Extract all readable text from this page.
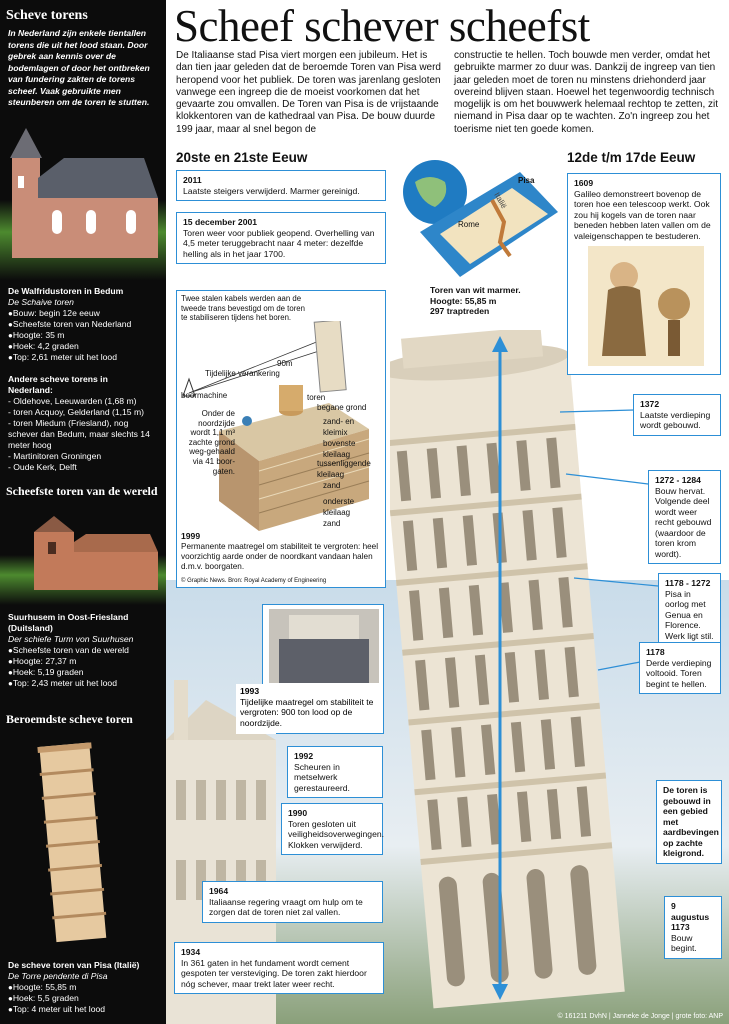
Scheve torens
In Nederland zijn enkele tientallen torens die uit het lood staan. Door gebrek aan kennis over de bodemlagen of door het ontbreken van fundering zakten de torens scheef. Vaak gebruikte men steunberen om de toren te stutten.
De Walfridustoren in Bedum
De Schaive toren
● Bouw: begin 12e eeuw
● Scheefste toren van Nederland
● Hoogte: 35 m
● Hoek: 4,2 graden
● Top: 2,61 meter uit het lood
Andere scheve torens in Nederland:

- Oldehove, Leeuwarden (1,68 m)
- toren Acquoy, Gelderland (1,15 m)
- toren Miedum (Friesland), nog schever dan Bedum, maar slechts 14 meter hoog
- Martinitoren Groningen
- Oude Kerk, Delft
Scheefste toren van de wereld
Suurhusem in Oost-Friesland (Duitsland)
Der schiefe Turm von Suurhusen
● Scheefste toren van de wereld
● Hoogte: 27,37 m
● Hoek: 5,19 graden
● Top: 2,43 meter uit het lood
Beroemdste scheve toren
De scheve toren van Pisa (Italië)
De Torre pendente di Pisa
● Hoogte: 55,85 m
● Hoek: 5,5 graden
● Top: 4 meter uit het lood
Scheef schever scheefst
De Italiaanse stad Pisa viert morgen een jubileum. Het is dan tien jaar geleden dat de beroemde Toren van Pisa werd heropend voor het publiek. De toren was jarenlang gesloten vanwege een ingreep die de moeist voorkomen dat het gevaarte zou omvallen. De Toren van Pisa is de vrijstaande klokkentoren van de kathedraal van Pisa. De bouw duurde 199 jaar, maar al snel begon de
constructie te hellen. Toch bouwde men verder, omdat het gebruikte marmer zo duur was. Dankzij de ingreep van tien jaar geleden moet de toren nu minstens driehonderd jaar overeind blijven staan. Hoewel het tegenwoordig technisch mogelijk is om het bouwwerk helemaal rechtop te zetten, zit niemand in Pisa daar op te wachten. Zo'n ingreep zou het toerisme niet ten goede komen.
20ste en 21ste Eeuw	12de t/m 17de Eeuw
Pisa
Italië
Rome
Toren van wit marmer.
Hoogte: 55,85 m
297 traptreden
2011
Laatste steigers verwijderd. Marmer gereinigd.
15 december 2001
Toren weer voor publiek geopend. Overhelling van 4,5 meter teruggebracht naar 4 meter: dezelfde helling als in het jaar 1700.
Twee stalen kabels werden aan de tweede trans bevestigd om de toren te stabiliseren tijdens het boren.
90m
Tijdelijke verankering
boormachine	toren
begane grond
zand- en kleimix
bovenste kleilaag
tussenliggende kleilaag
zand
onderste kleilaag
zand
Onder de noordzijde wordt 1,1 m³ zachte grond weg-gehaald via 41 boor-gaten.
1999
Permanente maatregel om stabiliteit te vergroten: heel voorzichtig aarde onder de noordkant vandaan halen d.m.v. boorgaten.
© Graphic News. Bron: Royal Academy of Engineering
1993
Tijdelijke maatregel om stabiliteit te vergroten: 900 ton lood op de noordzijde.
1992
Scheuren in metselwerk gerestaureerd.
1990
Toren gesloten uit veiligheidsoverwegingen. Klokken verwijderd.
1964
Italiaanse regering vraagt om hulp om te zorgen dat de toren niet zal vallen.
1934
In 361 gaten in het fundament wordt cement gespoten ter versteviging. De toren zakt hierdoor nóg schever, maar trekt later weer recht.
1609
Galileo demonstreert bovenop de toren hoe een telescoop werkt. Ook zou hij kogels van de toren naar beneden hebben laten vallen om de valeigenschappen te bestuderen.
1372
Laatste verdieping wordt gebouwd.
1272 - 1284
Bouw hervat. Volgende deel wordt weer recht gebouwd (waardoor de toren krom wordt).
1178 - 1272
Pisa in oorlog met Genua en Florence. Werk ligt stil.
1178
Derde verdieping voltooid. Toren begint te hellen.
De toren is gebouwd in een gebied met aardbevingen op zachte kleigrond.
9 augustus 1173
Bouw begint.
© 161211 DvhN | Janneke de Jonge | grote foto: ANP
